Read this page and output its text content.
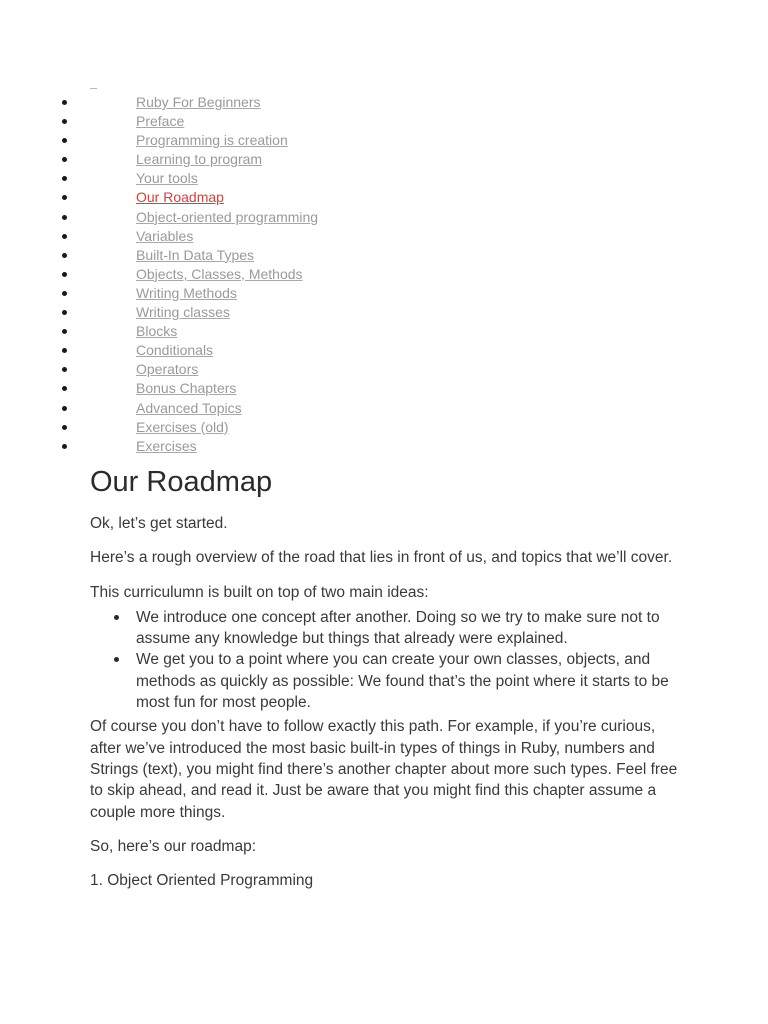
Ruby For Beginners
Preface
Programming is creation
Learning to program
Your tools
Our Roadmap
Object-oriented programming
Variables
Built-In Data Types
Objects, Classes, Methods
Writing Methods
Writing classes
Blocks
Conditionals
Operators
Bonus Chapters
Advanced Topics
Exercises (old)
Exercises
Our Roadmap

Ok, let’s get started.

Here’s a rough overview of the road that lies in front of us, and topics that we’ll cover.

This curriculumn is built on top of two main ideas:

We introduce one concept after another. Doing so we try to make sure not to assume any knowledge but things that already were explained.
We get you to a point where you can create your own classes, objects, and methods as quickly as possible: We found that’s the point where it starts to be most fun for most people.

Of course you don’t have to follow exactly this path. For example, if you’re curious, after we’ve introduced the most basic built-in types of things in Ruby, numbers and Strings (text), you might find there’s another chapter about more such types. Feel free to skip ahead, and read it. Just be aware that you might find this chapter assume a couple more things.

So, here’s our roadmap:

1. Object Oriented Programming
